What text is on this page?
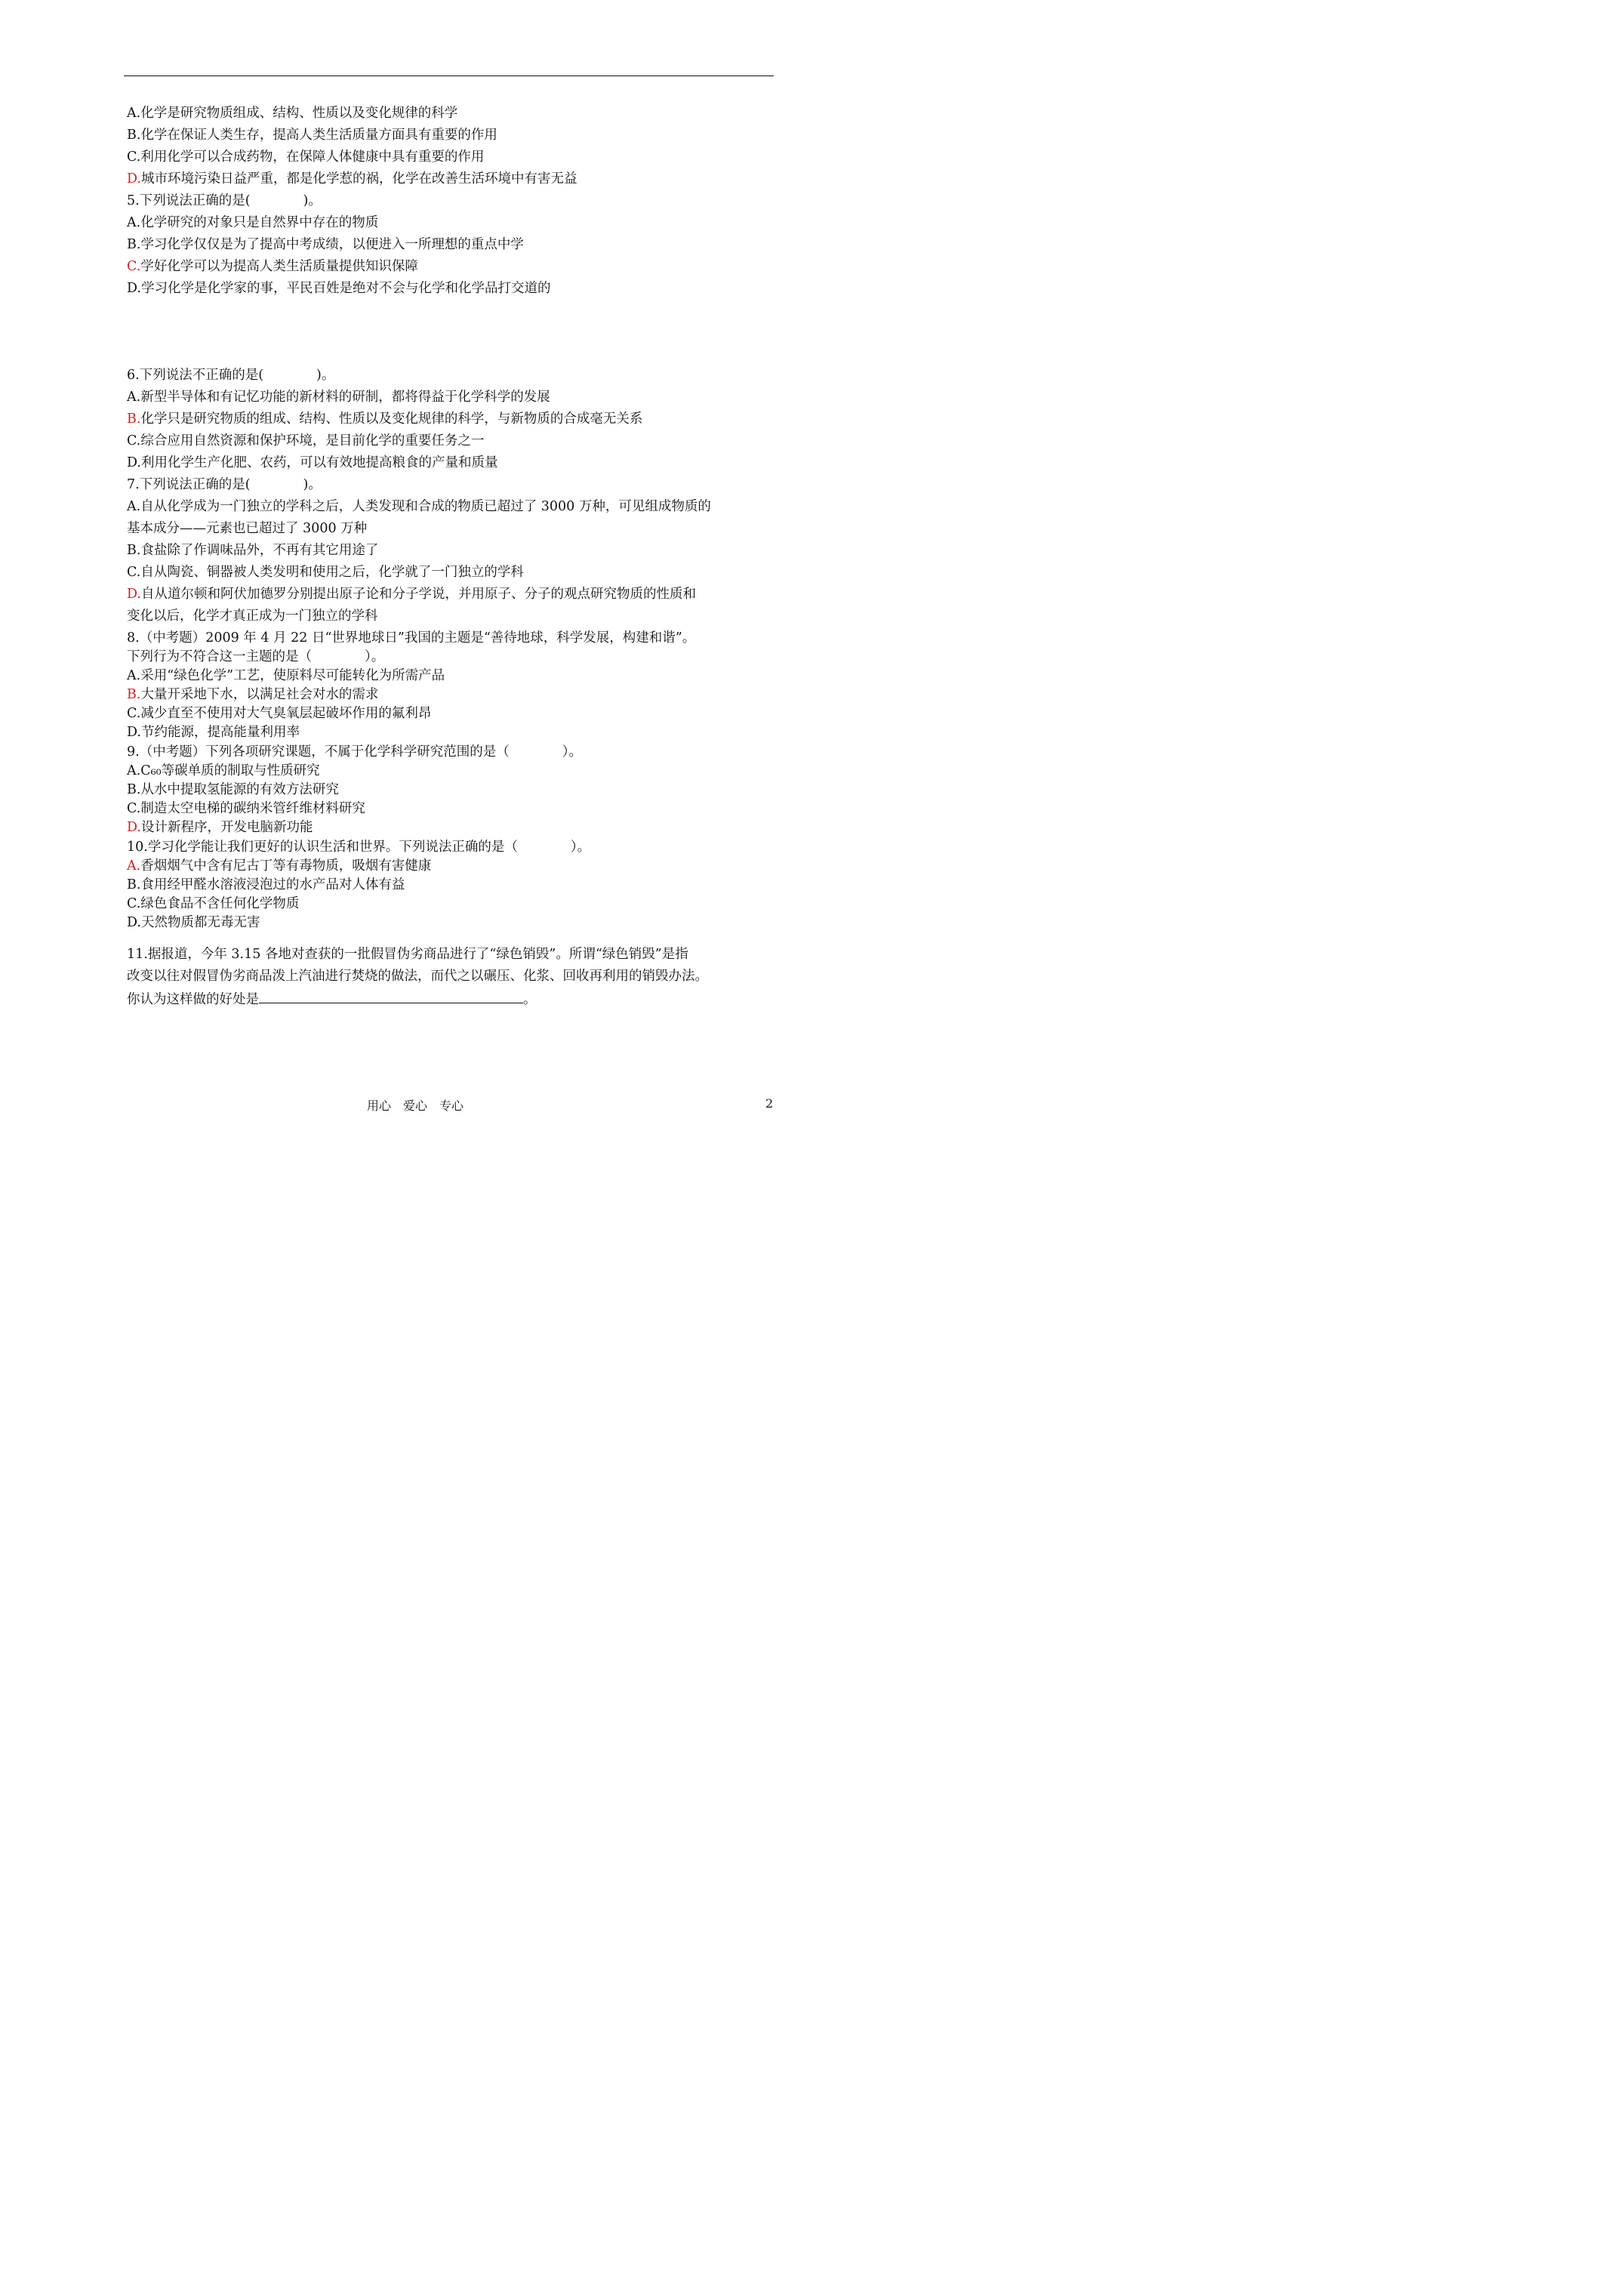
A.化学是研究物质组成、结构、性质以及变化规律的科学
B.化学在保证人类生存，提高人类生活质量方面具有重要的作用
C.利用化学可以合成药物，在保障人体健康中具有重要的作用
D.城市环境污染日益严重，都是化学惹的祸，化学在改善生活环境中有害无益
5.下列说法正确的是(　　　　)。
A.化学研究的对象只是自然界中存在的物质
B.学习化学仅仅是为了提高中考成绩，以便进入一所理想的重点中学
C.学好化学可以为提高人类生活质量提供知识保障
D.学习化学是化学家的事，平民百姓是绝对不会与化学和化学品打交道的
6.下列说法不正确的是(　　　　)。
A.新型半导体和有记忆功能的新材料的研制，都将得益于化学科学的发展
B.化学只是研究物质的组成、结构、性质以及变化规律的科学，与新物质的合成毫无关系
C.综合应用自然资源和保护环境，是目前化学的重要任务之一
D.利用化学生产化肥、农药，可以有效地提高粮食的产量和质量
7.下列说法正确的是(　　　　)。
A.自从化学成为一门独立的学科之后，人类发现和合成的物质已超过了 3000 万种，可见组成物质的
基本成分——元素也已超过了 3000 万种
B.食盐除了作调味品外，不再有其它用途了
C.自从陶瓷、铜器被人类发明和使用之后，化学就了一门独立的学科
D.自从道尔顿和阿伏加德罗分别提出原子论和分子学说，并用原子、分子的观点研究物质的性质和
变化以后，化学才真正成为一门独立的学科
8.（中考题）2009 年 4 月 22 日“世界地球日”我国的主题是“善待地球，科学发展，构建和谐”。
下列行为不符合这一主题的是（　　　　）。
A.采用“绿色化学”工艺，使原料尽可能转化为所需产品
B.大量开采地下水，以满足社会对水的需求
C.减少直至不使用对大气臭氧层起破坏作用的氟利昂
D.节约能源，提高能量利用率
9.（中考题）下列各项研究课题，不属于化学科学研究范围的是（　　　　）。
A.C₆₀等碳单质的制取与性质研究
B.从水中提取氢能源的有效方法研究
C.制造太空电梯的碳纳米管纤维材料研究
D.设计新程序，开发电脑新功能
10.学习化学能让我们更好的认识生活和世界。下列说法正确的是（　　　　）。
A.香烟烟气中含有尼古丁等有毒物质，吸烟有害健康
B.食用经甲醛水溶液浸泡过的水产品对人体有益
C.绿色食品不含任何化学物质
D.天然物质都无毒无害
11.据报道，今年 3.15 各地对查获的一批假冒伪劣商品进行了“绿色销毁”。所谓“绿色销毁”是指
改变以往对假冒伪劣商品泼上汽油进行焚烧的做法，而代之以碾压、化浆、回收再利用的销毁办法。
你认为这样做的好处是	。
用心　爱心　专心	2
